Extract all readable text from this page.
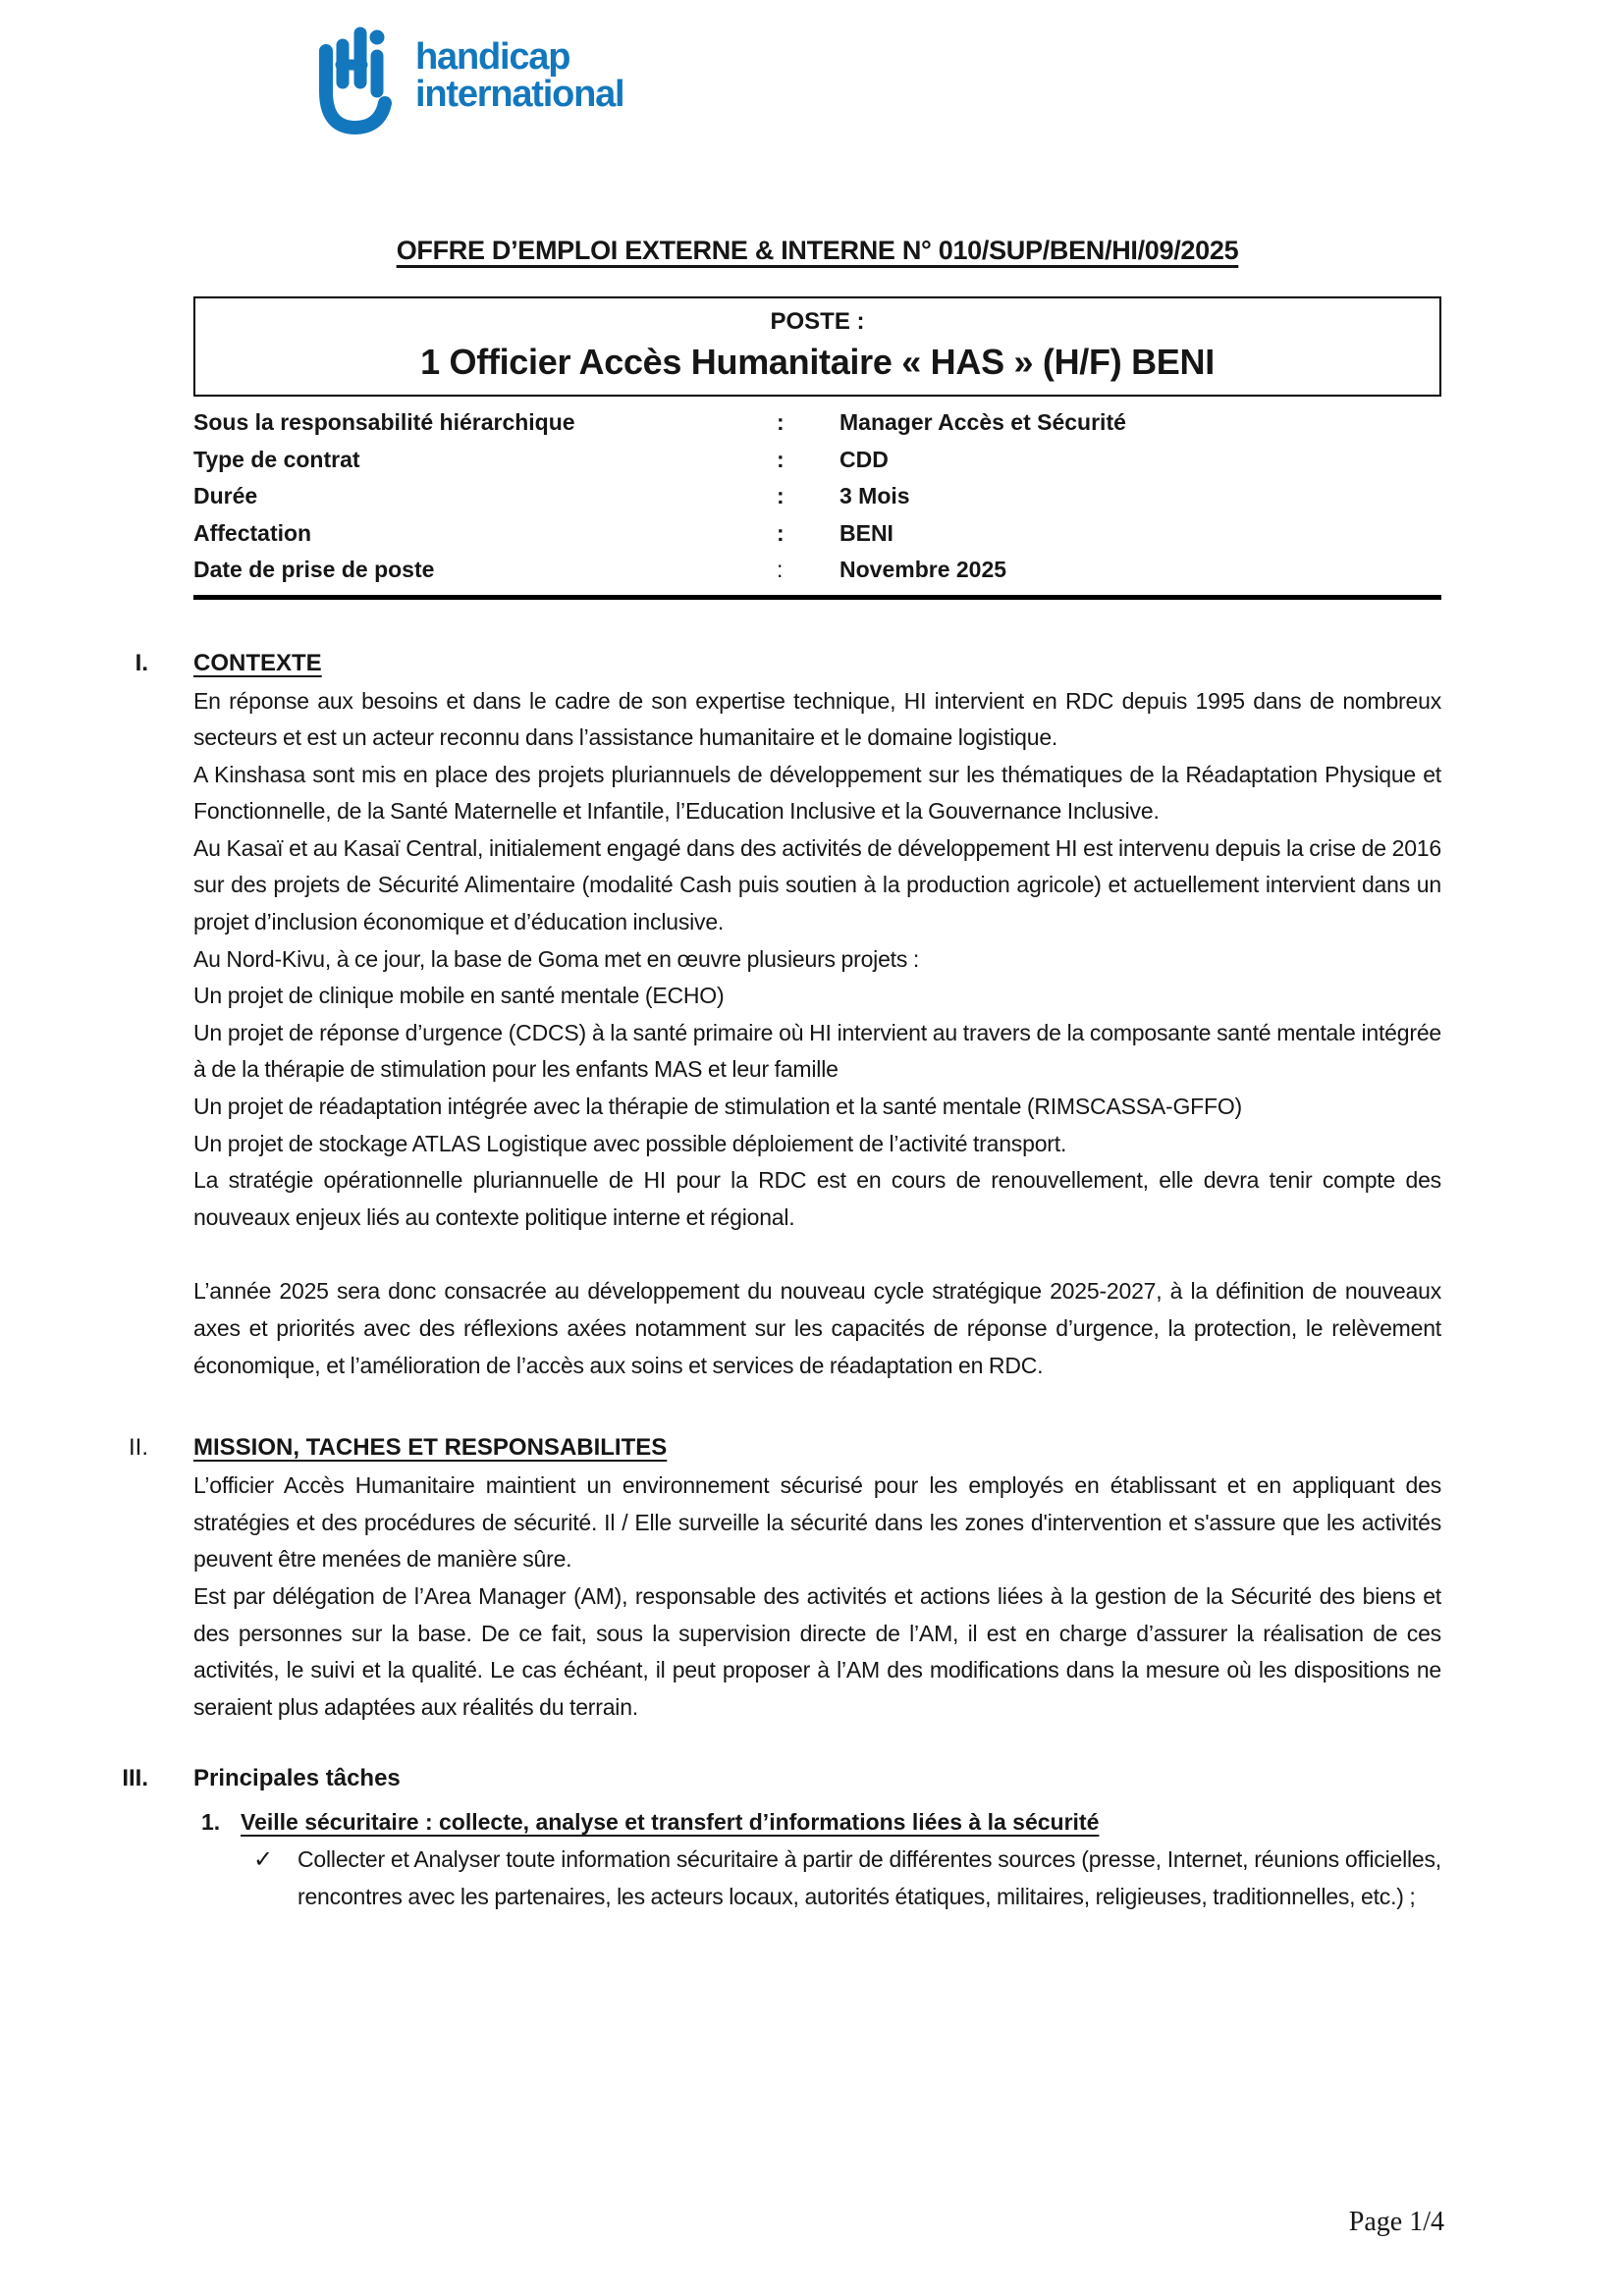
handicap
international
OFFRE D’EMPLOI EXTERNE & INTERNE N° 010/SUP/BEN/HI/09/2025
POSTE :
1 Officier Accès Humanitaire « HAS » (H/F) BENI
Sous la responsabilité hiérarchique	:	Manager Accès et Sécurité
Type de contrat	:	CDD
Durée	:	3 Mois
Affectation	:	BENI
Date de prise de poste	:	Novembre 2025
I. CONTEXTE

En réponse aux besoins et dans le cadre de son expertise technique, HI intervient en RDC depuis 1995 dans de nombreux secteurs et est un acteur reconnu dans l’assistance humanitaire et le domaine logistique.

A Kinshasa sont mis en place des projets pluriannuels de développement sur les thématiques de la Réadaptation Physique et Fonctionnelle, de la Santé Maternelle et Infantile, l’Education Inclusive et la Gouvernance Inclusive.

Au Kasaï et au Kasaï Central, initialement engagé dans des activités de développement HI est intervenu depuis la crise de 2016 sur des projets de Sécurité Alimentaire (modalité Cash puis soutien à la production agricole) et actuellement intervient dans un projet d’inclusion économique et d’éducation inclusive.

Au Nord-Kivu, à ce jour, la base de Goma met en œuvre plusieurs projets :

Un projet de clinique mobile en santé mentale (ECHO)

Un projet de réponse d’urgence (CDCS) à la santé primaire où HI intervient au travers de la composante santé mentale intégrée à de la thérapie de stimulation pour les enfants MAS et leur famille

Un projet de réadaptation intégrée avec la thérapie de stimulation et la santé mentale (RIMSCASSA-GFFO)

Un projet de stockage ATLAS Logistique avec possible déploiement de l’activité transport.

La stratégie opérationnelle pluriannuelle de HI pour la RDC est en cours de renouvellement, elle devra tenir compte des nouveaux enjeux liés au contexte politique interne et régional.

L’année 2025 sera donc consacrée au développement du nouveau cycle stratégique 2025-2027, à la définition de nouveaux axes et priorités avec des réflexions axées notamment sur les capacités de réponse d’urgence, la protection, le relèvement économique, et l’amélioration de l’accès aux soins et services de réadaptation en RDC.

II. MISSION, TACHES ET RESPONSABILITES

L’officier Accès Humanitaire maintient un environnement sécurisé pour les employés en établissant et en appliquant des stratégies et des procédures de sécurité. Il / Elle surveille la sécurité dans les zones d'intervention et s'assure que les activités peuvent être menées de manière sûre.

Est par délégation de l’Area Manager (AM), responsable des activités et actions liées à la gestion de la Sécurité des biens et des personnes sur la base. De ce fait, sous la supervision directe de l’AM, il est en charge d’assurer la réalisation de ces activités, le suivi et la qualité. Le cas échéant, il peut proposer à l’AM des modifications dans la mesure où les dispositions ne seraient plus adaptées aux réalités du terrain.

III. Principales tâches
1. Veille sécuritaire : collecte, analyse et transfert d’informations liées à la sécurité
✓	Collecter et Analyser toute information sécuritaire à partir de différentes sources (presse, Internet, réunions officielles, rencontres avec les partenaires, les acteurs locaux, autorités étatiques, militaires, religieuses, traditionnelles, etc.) ;

Page 1/4
